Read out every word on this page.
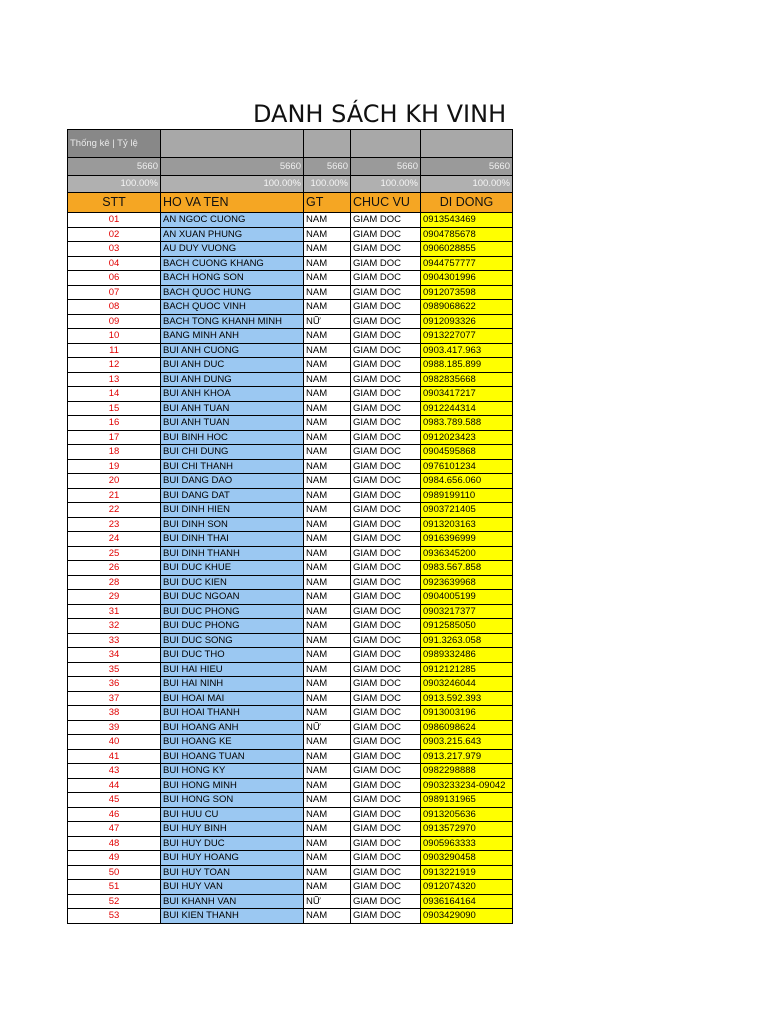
DANH SÁCH KH VINH
Thống kê | Tỷ lệ				
5660	5660	5660	5660	5660
100.00%	100.00%	100.00%	100.00%	100.00%
STT	HO VA TEN	GT	CHUC VU	DI DONG
01	AN NGOC CUONG	NAM	GIAM DOC	0913543469
02	AN XUAN PHUNG	NAM	GIAM DOC	0904785678
03	AU DUY VUONG	NAM	GIAM DOC	0906028855
04	BACH CUONG KHANG	NAM	GIAM DOC	0944757777
06	BACH HONG SON	NAM	GIAM DOC	0904301996
07	BACH QUOC HUNG	NAM	GIAM DOC	0912073598
08	BACH QUOC VINH	NAM	GIAM DOC	0989068622
09	BACH TONG KHANH MINH	NỮ	GIAM DOC	0912093326
10	BANG MINH ANH	NAM	GIAM DOC	0913227077
11	BUI ANH CUONG	NAM	GIAM DOC	0903.417.963
12	BUI ANH DUC	NAM	GIAM DOC	0988.185.899
13	BUI ANH DUNG	NAM	GIAM DOC	0982835668
14	BUI ANH KHOA	NAM	GIAM DOC	0903417217
15	BUI ANH TUAN	NAM	GIAM DOC	0912244314
16	BUI ANH TUAN	NAM	GIAM DOC	0983.789.588
17	BUI BINH HOC	NAM	GIAM DOC	0912023423
18	BUI CHI DUNG	NAM	GIAM DOC	0904595868
19	BUI CHI THANH	NAM	GIAM DOC	0976101234
20	BUI DANG DAO	NAM	GIAM DOC	0984.656.060
21	BUI DANG DAT	NAM	GIAM DOC	0989199110
22	BUI DINH HIEN	NAM	GIAM DOC	0903721405
23	BUI DINH SON	NAM	GIAM DOC	0913203163
24	BUI DINH THAI	NAM	GIAM DOC	0916396999
25	BUI DINH THANH	NAM	GIAM DOC	0936345200
26	BUI DUC KHUE	NAM	GIAM DOC	0983.567.858
28	BUI DUC KIEN	NAM	GIAM DOC	0923639968
29	BUI DUC NGOAN	NAM	GIAM DOC	0904005199
31	BUI DUC PHONG	NAM	GIAM DOC	0903217377
32	BUI DUC PHONG	NAM	GIAM DOC	0912585050
33	BUI DUC SONG	NAM	GIAM DOC	091.3263.058
34	BUI DUC THO	NAM	GIAM DOC	0989332486
35	BUI HAI HIEU	NAM	GIAM DOC	0912121285
36	BUI HAI NINH	NAM	GIAM DOC	0903246044
37	BUI HOAI MAI	NAM	GIAM DOC	0913.592.393
38	BUI HOAI THANH	NAM	GIAM DOC	0913003196
39	BUI HOANG ANH	NỮ	GIAM DOC	0986098624
40	BUI HOANG KE	NAM	GIAM DOC	0903.215.643
41	BUI HOANG TUAN	NAM	GIAM DOC	0913.217.979
43	BUI HONG KY	NAM	GIAM DOC	0982298888
44	BUI HONG MINH	NAM	GIAM DOC	0903233234-09042
45	BUI HONG SON	NAM	GIAM DOC	0989131965
46	BUI HUU CU	NAM	GIAM DOC	0913205636
47	BUI HUY BINH	NAM	GIAM DOC	0913572970
48	BUI HUY DUC	NAM	GIAM DOC	0905963333
49	BUI HUY HOANG	NAM	GIAM DOC	0903290458
50	BUI HUY TOAN	NAM	GIAM DOC	0913221919
51	BUI HUY VAN	NAM	GIAM DOC	0912074320
52	BUI KHANH VAN	NỮ	GIAM DOC	0936164164
53	BUI KIEN THANH	NAM	GIAM DOC	0903429090
